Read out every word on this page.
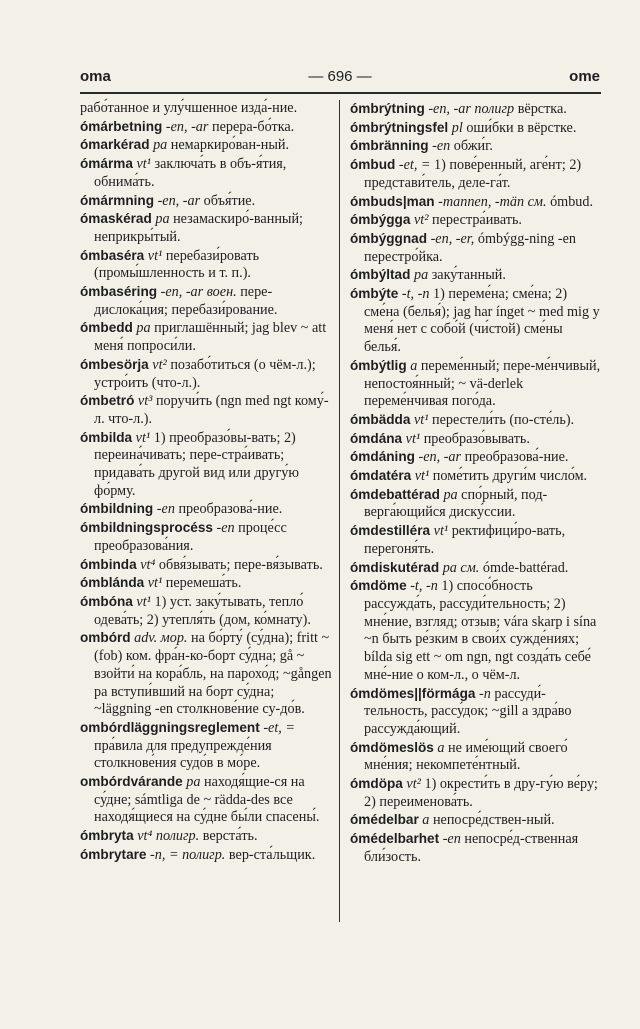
oma	— 696 —	ome
рабо́танное и улу́чшенное изда́-ние.
ómárbetning -en, -ar перера-бо́тка.
ómarkérad pa немаркиро́ван-ный.
ómárma vt¹ заключа́ть в объ-я́тия, обнима́ть.
ómármning -en, -ar объя́тие.
ómaskérad pa незамаскиро́-ванный; неприкры́тый.
ómbaséra vt¹ перебази́ровать (промы́шленность и т. п.).
ómbaséring -en, -ar воен. пере-дислока́ция; перебази́рование.
ómbedd pa приглашённый; jag blev ~ att меня́ попроси́ли.
ómbesörja vt² позабо́титься (о чём-л.); устро́ить (что-л.).
ómbetró vt³ поручи́ть (ngn med ngt кому́-л. что-л.).
ómbilda vt¹ 1) преобразо́вы-вать; 2) переина́чивать; пере-стра́ивать; придава́ть другой вид или другу́ю фо́рму.
ómbildning -en преобразова́-ние.
ómbildningsprocéss -en проце́сс преобразова́ния.
ómbinda vt⁴ обвя́зывать; пере-вя́зывать.
ómblánda vt¹ перемеша́ть.
ómbóna vt¹ 1) уст. заку́тывать, тепло́ одева́ть; 2) утепля́ть (дом, ко́мнату).
ombórd adv. мор. на бо́рту́ (су́дна); fritt ~ (fob) ком. фра́н-ко-борт су́дна; gå ~ взойти́ на кора́бль, на парохо́д; ~gången pa вступи́вший на борт су́дна; ~läggning -en столкнове́ние су-до́в.
ombórdläggningsreglement -et, = пра́вила для предупрежде́ния столкнове́ния судо́в в мо́ре.
ombórdvárande pa находя́щие-ся на су́дне; sámtliga de ~ rädda-des все находя́щиеся на су́дне бы́ли спасены́.
ómbryta vt⁴ полигр. верста́ть.
ómbrytare -n, = полигр. вер-ста́льщик.
ómbrýtning -en, -ar полигр вёрстка.
ómbrýtningsfel pl оши́бки в вёрстке.
ómbränning -en обжи́г.
ómbud -et, = 1) пове́ренный, аге́нт; 2) представи́тель, деле-га́т.
ómbuds|man -mannen, -män см. ómbud.
ómbýgga vt² перестра́ивать.
ómbýggnad -en, -er, ómbýgg-ning -en перестро́йка.
ómbýltad pa заку́танный.
ómbýte -t, -n 1) переме́на; сме́на; 2) сме́на (белья́); jag har ínget ~ med mig у меня́ нет с собо́й (чи́стой) сме́ны белья́.
ómbýtlig a переме́нный; пере-ме́нчивый, непостоя́нный; ~ vä-derlek переме́нчивая пого́да.
ómbädda vt¹ перестели́ть (по-сте́ль).
ómdána vt¹ преобразо́вывать.
ómdáning -en, -ar преобразова́-ние.
ómdatéra vt¹ поме́тить други́м число́м.
ómdebattérad pa спо́рный, под-верга́ющийся диску́ссии.
ómdestilléra vt¹ ректифици́ро-вать, перегоня́ть.
ómdiskutérad pa см. ómde-battérad.
ómdöme -t, -n 1) спосо́бность рассужда́ть, рассуди́тельность; 2) мне́ние, взгляд; отзыв; vára skarp i sína ~n быть ре́зким в свои́х сужде́ниях; bílda sig ett ~ om ngn, ngt созда́ть себе́ мне́-ние о ком-л., о чём-л.
ómdömes||förmága -n рассуди́-тельность, рассу́док; ~gill a здра́во рассужда́ющий.
ómdömeslös a не име́ющий своего́ мне́ния; некомпете́нтный.
ómdöpa vt² 1) окрести́ть в дру-гу́ю ве́ру; 2) переименова́ть.
ómédelbar a непосре́дствен-ный.
ómédelbarhet -en непосре́д-ственная бли́зость.
